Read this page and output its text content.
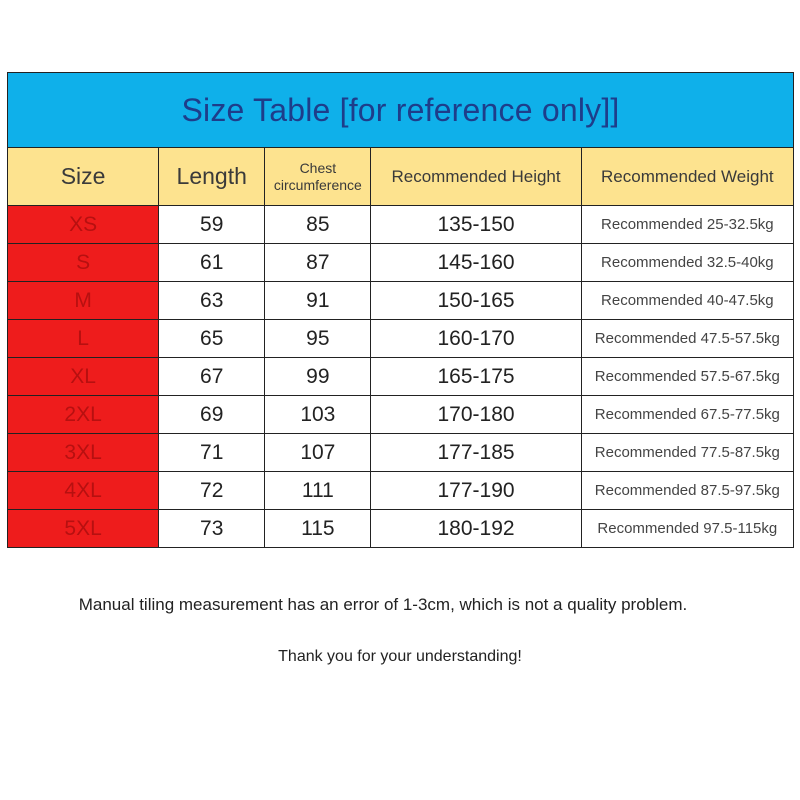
Size Table [for reference only]]				
Size	Length	Chest circumference	Recommended Height	Recommended Weight
XS	59	85	135-150	Recommended 25-32.5kg
S	61	87	145-160	Recommended 32.5-40kg
M	63	91	150-165	Recommended 40-47.5kg
L	65	95	160-170	Recommended 47.5-57.5kg
XL	67	99	165-175	Recommended 57.5-67.5kg
2XL	69	103	170-180	Recommended 67.5-77.5kg
3XL	71	107	177-185	Recommended 77.5-87.5kg
4XL	72	111	177-190	Recommended 87.5-97.5kg
5XL	73	115	180-192	Recommended 97.5-115kg
Manual tiling measurement has an error of 1-3cm, which is not a quality problem.
Thank you for your understanding!
